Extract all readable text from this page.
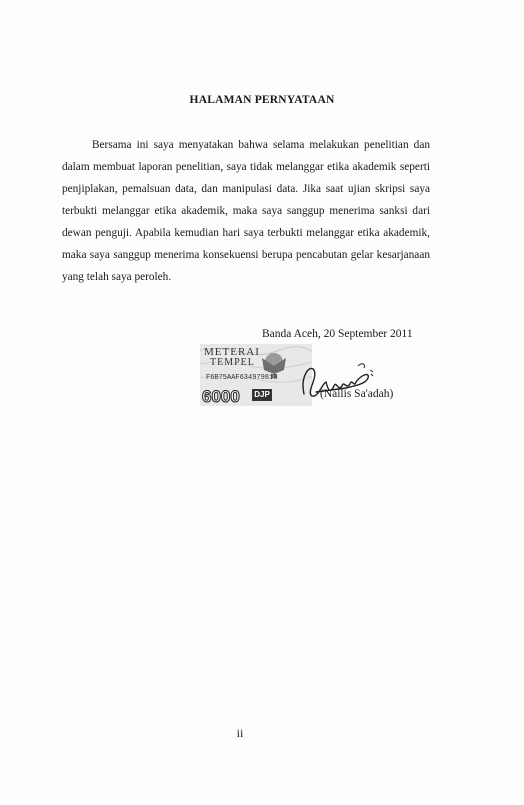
HALAMAN PERNYATAAN
Bersama ini saya menyatakan bahwa selama melakukan penelitian dan dalam membuat laporan penelitian, saya tidak melanggar etika akademik seperti penjiplakan, pemalsuan data, dan manipulasi data. Jika saat ujian skripsi saya terbukti melanggar etika akademik, maka saya sanggup menerima sanksi dari dewan penguji. Apabila kemudian hari saya terbukti melanggar etika akademik, maka saya sanggup menerima konsekuensi berupa pencabutan gelar kesarjanaan yang telah saya peroleh.
Banda Aceh, 20 September 2011
METERAI
TEMPEL
F6B75AAF634979813
6000 DJP	(Nailis Sa'adah)
ii
